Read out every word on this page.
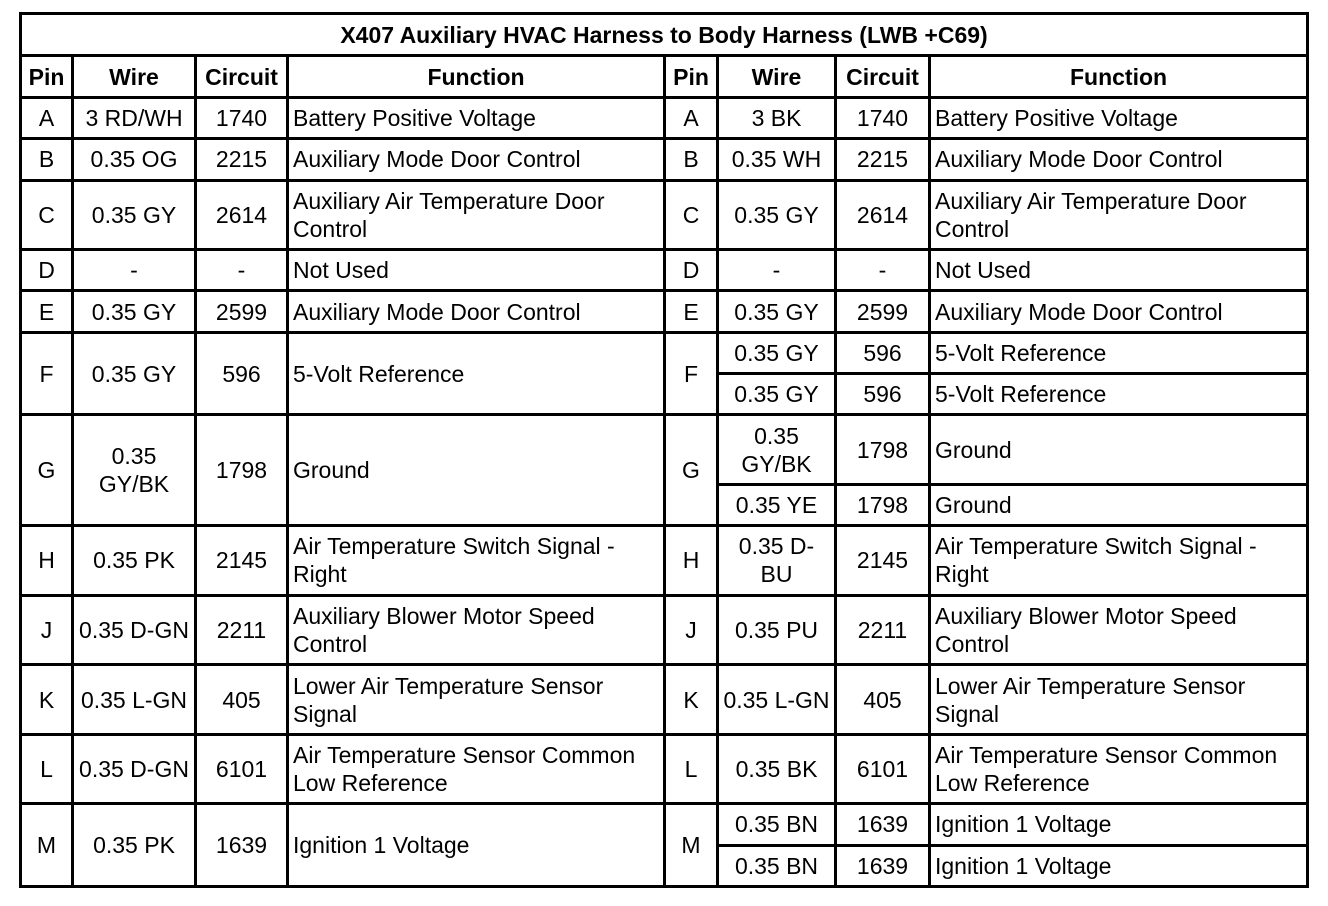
X407 Auxiliary HVAC Harness to Body Harness (LWB +C69)							
Pin	Wire	Circuit	Function	Pin	Wire	Circuit	Function
A	3 RD/WH	1740	Battery Positive Voltage	A	3 BK	1740	Battery Positive Voltage
B	0.35 OG	2215	Auxiliary Mode Door Control	B	0.35 WH	2215	Auxiliary Mode Door Control
C	0.35 GY	2614	Auxiliary Air Temperature Door Control	C	0.35 GY	2614	Auxiliary Air Temperature Door Control
D	-	-	Not Used	D	-	-	Not Used
E	0.35 GY	2599	Auxiliary Mode Door Control	E	0.35 GY	2599	Auxiliary Mode Door Control
F	0.35 GY	596	5-Volt Reference	F	0.35 GY	596	5-Volt Reference
					0.35 GY	596	5-Volt Reference
G	0.35 GY/BK	1798	Ground	G	0.35 GY/BK	1798	Ground
					0.35 YE	1798	Ground
H	0.35 PK	2145	Air Temperature Switch Signal - Right	H	0.35 D-BU	2145	Air Temperature Switch Signal - Right
J	0.35 D-GN	2211	Auxiliary Blower Motor Speed Control	J	0.35 PU	2211	Auxiliary Blower Motor Speed Control
K	0.35 L-GN	405	Lower Air Temperature Sensor Signal	K	0.35 L-GN	405	Lower Air Temperature Sensor Signal
L	0.35 D-GN	6101	Air Temperature Sensor Common Low Reference	L	0.35 BK	6101	Air Temperature Sensor Common Low Reference
M	0.35 PK	1639	Ignition 1 Voltage	M	0.35 BN	1639	Ignition 1 Voltage
					0.35 BN	1639	Ignition 1 Voltage
